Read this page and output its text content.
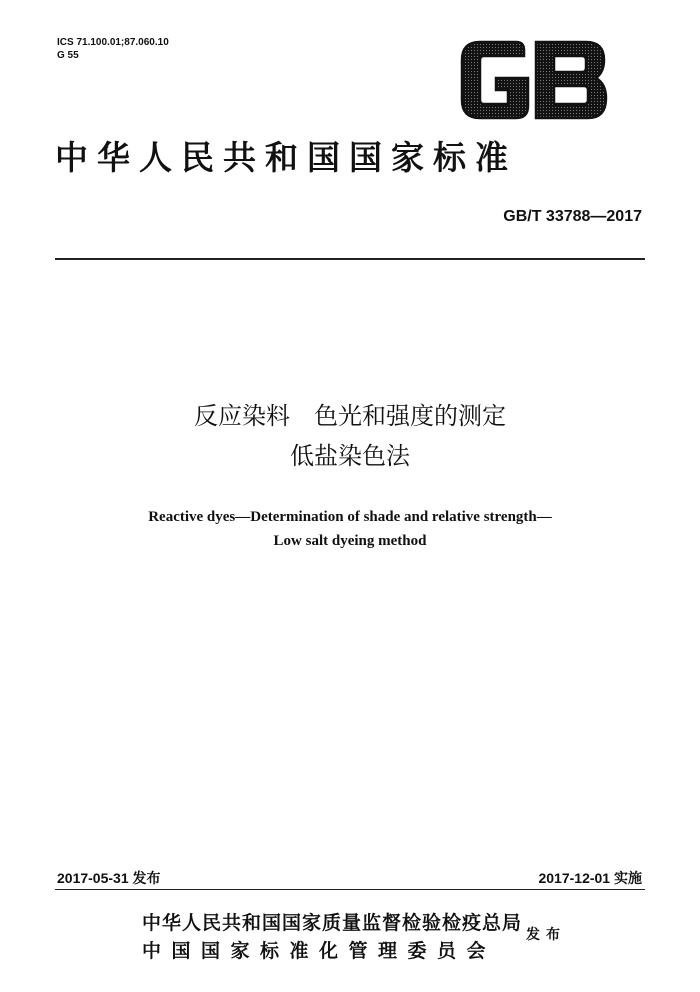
ICS 71.100.01;87.060.10
G 55
中华人民共和国国家标准
GB/T 33788—2017
反应染料　色光和强度的测定
低盐染色法
Reactive dyes—Determination of shade and relative strength—
Low salt dyeing method
2017-05-31 发布	2017-12-01 实施
中华人民共和国国家质量监督检验检疫总局
中国国家标准化管理委员会
发布
